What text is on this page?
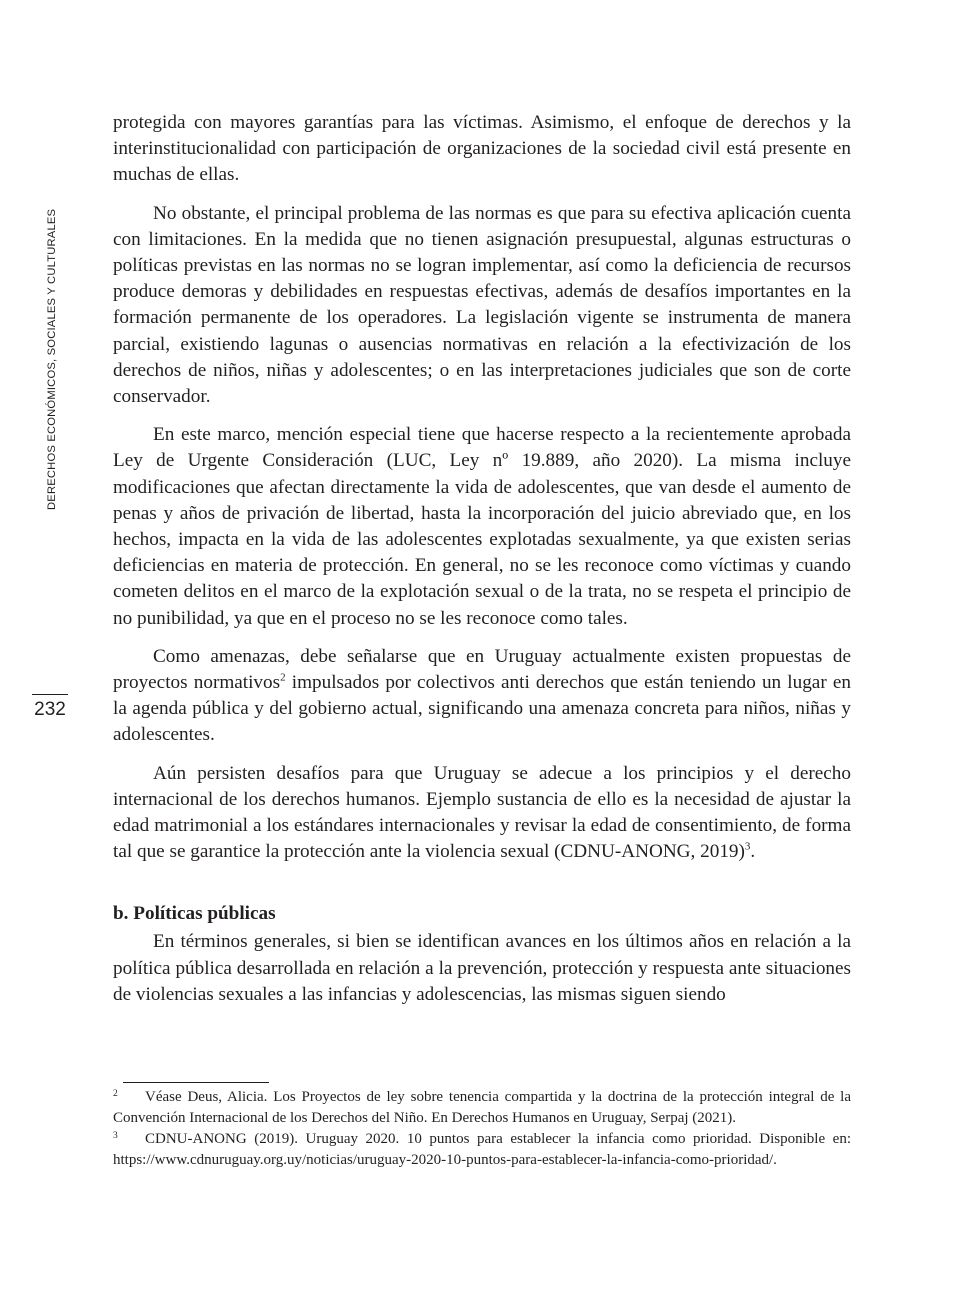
DERECHOS ECONÓMICOS, SOCIALES Y CULTURALES
232

protegida con mayores garantías para las víctimas. Asimismo, el enfoque de derechos y la interinstitucionalidad con participación de organizaciones de la sociedad civil está presente en muchas de ellas.

No obstante, el principal problema de las normas es que para su efectiva aplicación cuenta con limitaciones. En la medida que no tienen asignación presupuestal, algunas estructuras o políticas previstas en las normas no se logran implementar, así como la deficiencia de recursos produce demoras y debilidades en respuestas efectivas, además de desafíos importantes en la formación permanente de los operadores. La legislación vigente se instrumenta de manera parcial, existiendo lagunas o ausencias normativas en relación a la efectivización de los derechos de niños, niñas y adolescentes; o en las interpretaciones judiciales que son de corte conservador.

En este marco, mención especial tiene que hacerse respecto a la recientemente aprobada Ley de Urgente Consideración (LUC, Ley nº 19.889, año 2020). La misma incluye modificaciones que afectan directamente la vida de adolescentes, que van desde el aumento de penas y años de privación de libertad, hasta la incorporación del juicio abreviado que, en los hechos, impacta en la vida de las adolescentes explotadas sexualmente, ya que existen serias deficiencias en materia de protección. En general, no se les reconoce como víctimas y cuando cometen delitos en el marco de la explotación sexual o de la trata, no se respeta el principio de no punibilidad, ya que en el proceso no se les reconoce como tales.

Como amenazas, debe señalarse que en Uruguay actualmente existen propuestas de proyectos normativos$^2$ impulsados por colectivos anti derechos que están teniendo un lugar en la agenda pública y del gobierno actual, significando una amenaza concreta para niños, niñas y adolescentes.

Aún persisten desafíos para que Uruguay se adecue a los principios y el derecho internacional de los derechos humanos. Ejemplo sustancia de ello es la necesidad de ajustar la edad matrimonial a los estándares internacionales y revisar la edad de consentimiento, de forma tal que se garantice la protección ante la violencia sexual (CDNU-ANONG, 2019)$^3$.

b. Políticas públicas

En términos generales, si bien se identifican avances en los últimos años en relación a la política pública desarrollada en relación a la prevención, protección y respuesta ante situaciones de violencias sexuales a las infancias y adolescencias, las mismas siguen siendo

2 Véase Deus, Alicia. Los Proyectos de ley sobre tenencia compartida y la doctrina de la protección integral de la Convención Internacional de los Derechos del Niño. En Derechos Humanos en Uruguay, Serpaj (2021).

3 CDNU-ANONG (2019). Uruguay 2020. 10 puntos para establecer la infancia como prioridad. Disponible en: https://www.cdnuruguay.org.uy/noticias/uruguay-2020-10-puntos-para-establecer-la-infancia-como-prioridad/.
